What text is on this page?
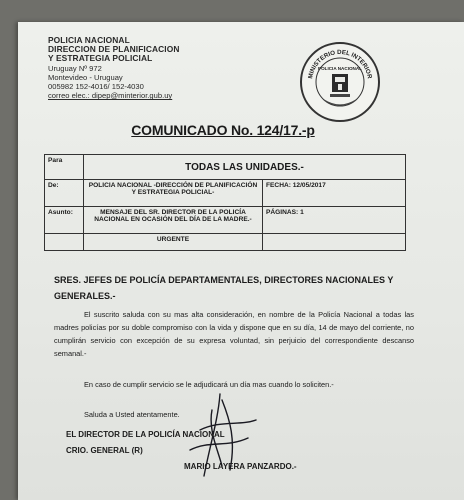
POLICIA NACIONAL
DIRECCION DE PLANIFICACION
Y ESTRATEGIA POLICIAL
Uruguay Nº 972
Montevideo - Uruguay
005982 152-4016/ 152-4030
correo elec.: dipep@minterior.gub.uy
MINISTERIO DEL INTERIOR
POLICIA NACIONAL
COMUNICADO No. 124/17.-p
Para	TODAS LAS UNIDADES.-	
De:	POLICIA NACIONAL -DIRECCIÓN DE PLANIFICACIÓN Y ESTRATEGIA POLICIAL-	FECHA: 12/05/2017
Asunto:	MENSAJE DEL SR. DIRECTOR DE LA POLICÍA NACIONAL EN OCASIÓN DEL DÍA DE LA MADRE.-	PÁGINAS: 1
	URGENTE	
SRES. JEFES DE POLICÍA DEPARTAMENTALES, DIRECTORES NACIONALES Y GENERALES.-
El suscrito saluda con su mas alta consideración, en nombre de la Policía Nacional a todas las madres policías por su doble compromiso con la vida y dispone que en su día, 14 de mayo del corriente, no cumplirán servicio con excepción de su expresa voluntad, sin perjuicio del correspondiente descanso semanal.-
En caso de cumplir servicio se le adjudicará un día mas cuando lo soliciten.-
Saluda a Usted atentamente.
EL DIRECTOR DE LA POLICÍA NACIONAL
CRIO. GENERAL (R)
MARIO LAYERA PANZARDO.-
